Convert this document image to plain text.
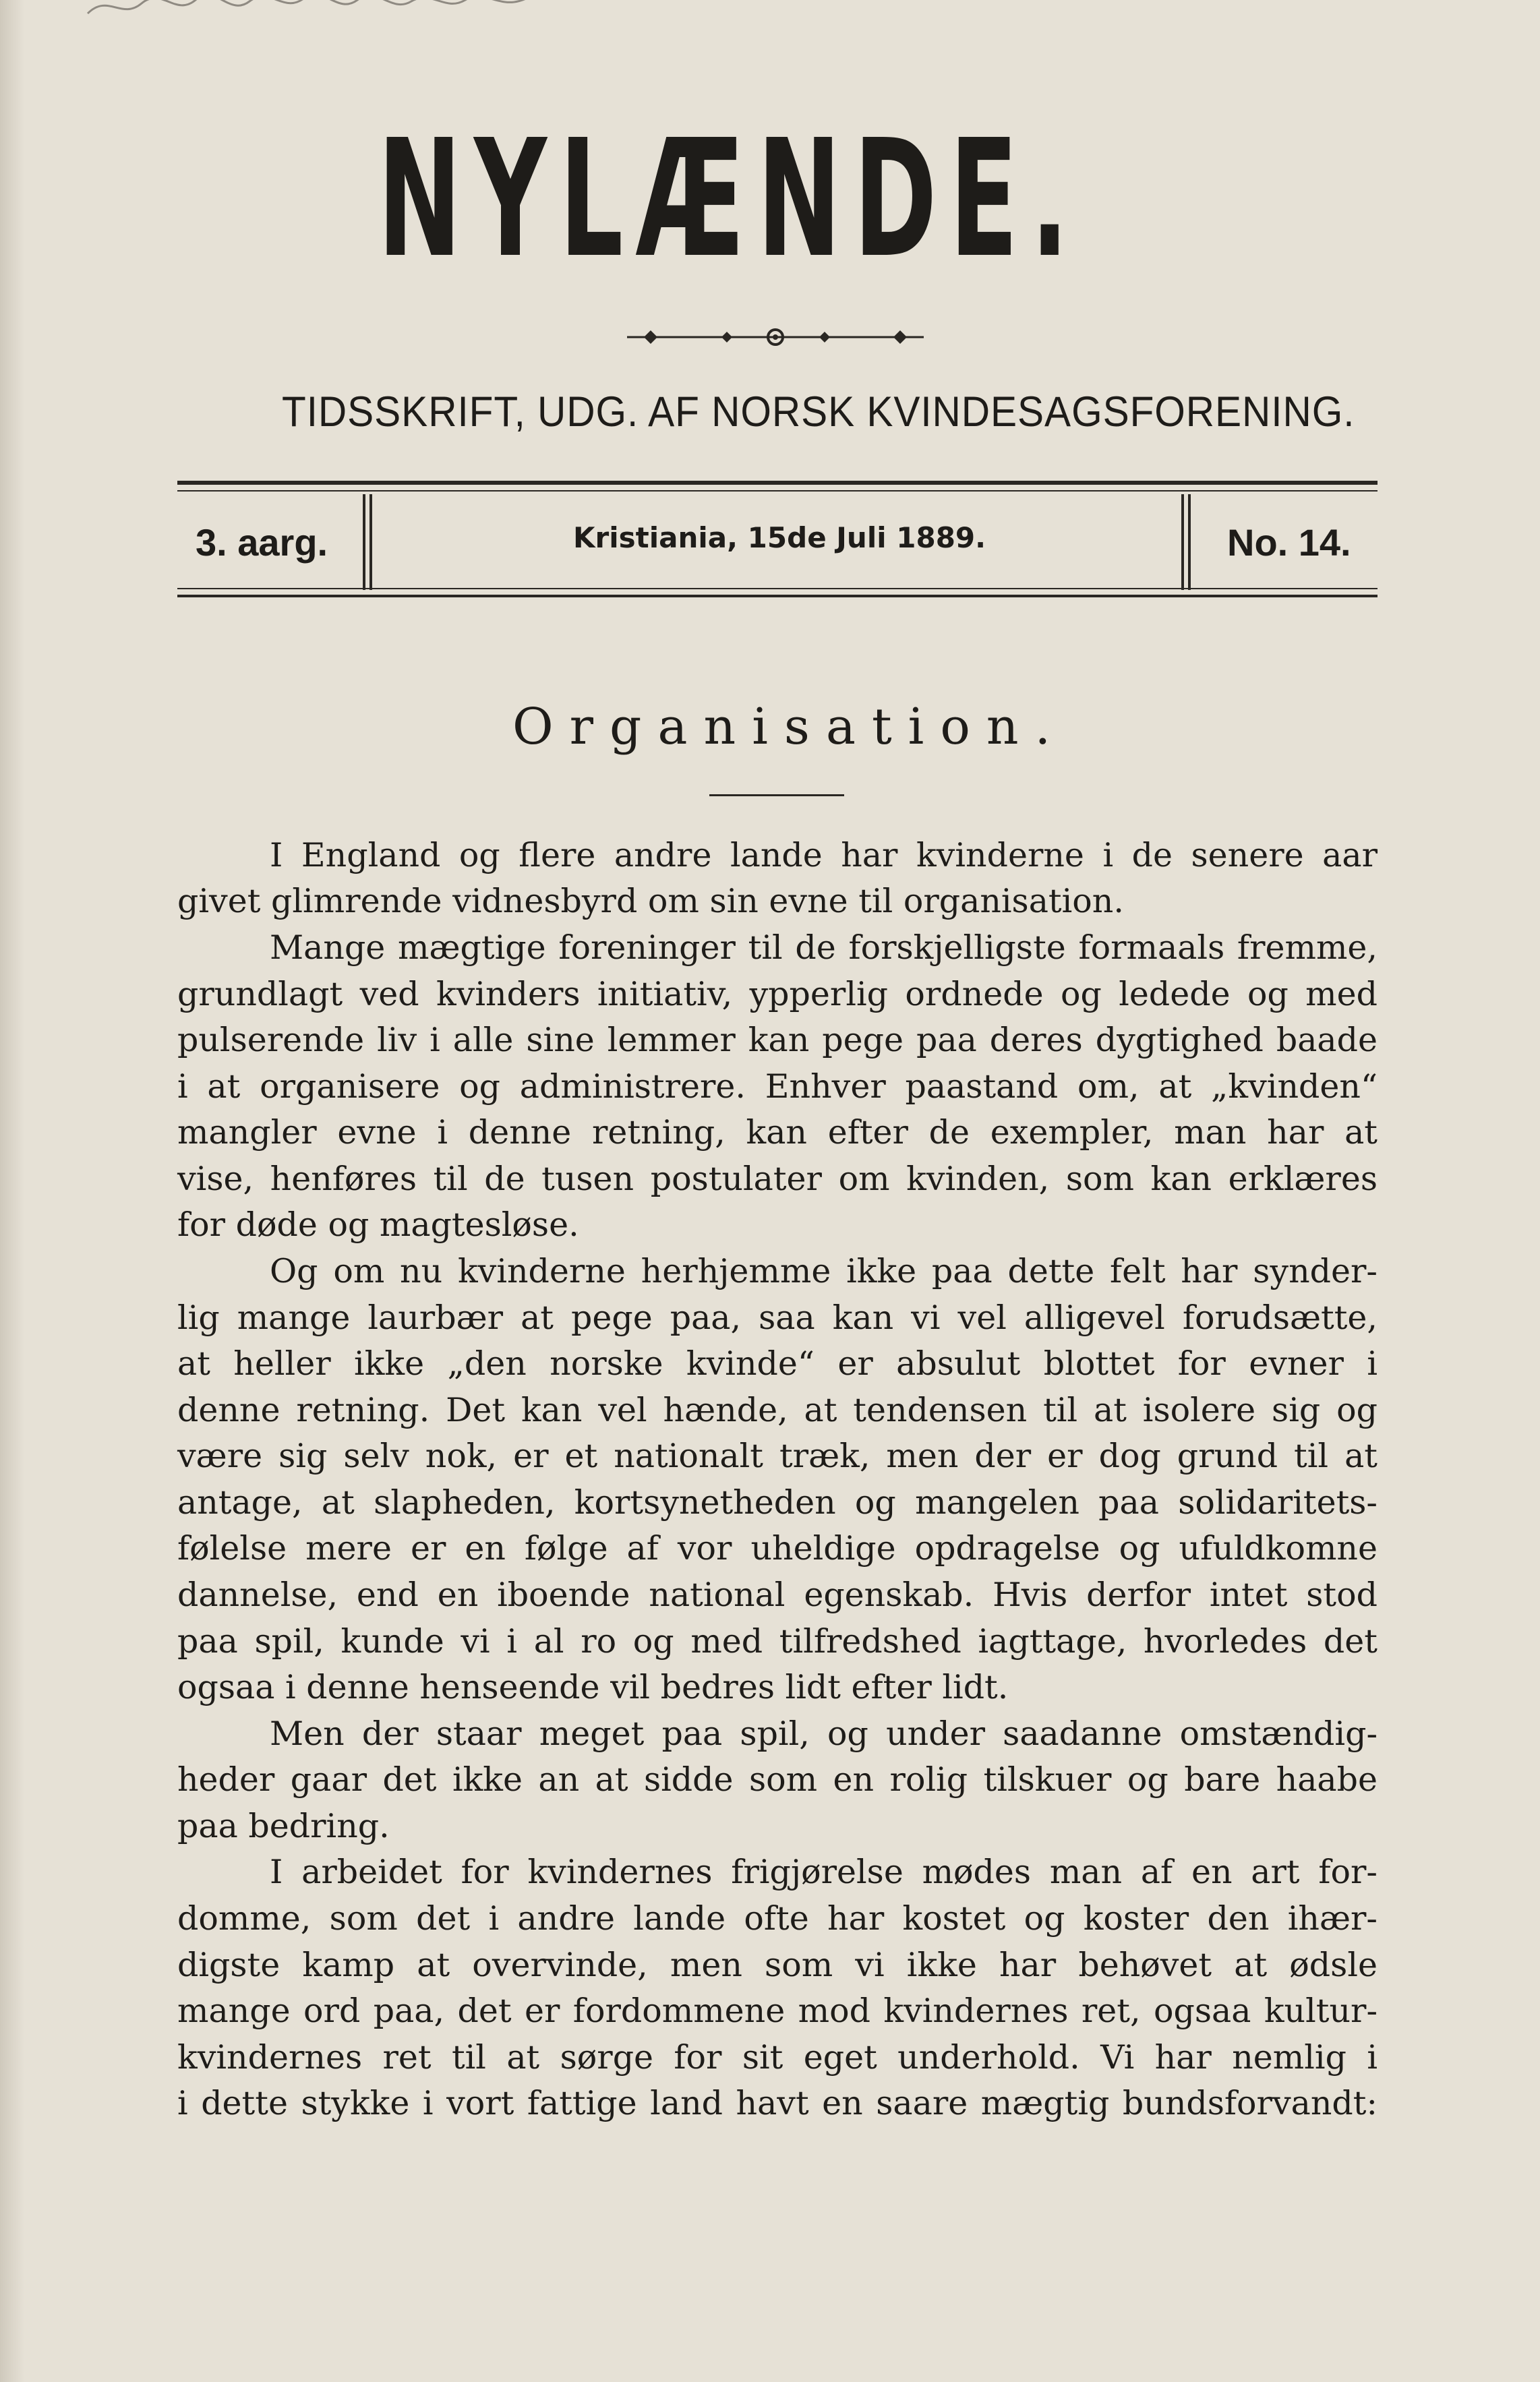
NYLÆNDE.
TIDSSKRIFT, UDG. AF NORSK KVINDESAGSFORENING.
3. aarg.	Kristiania, 15de Juli 1889.	No. 14.
Organisation.
I England og flere andre lande har kvinderne i de senere aar
givet glimrende vidnesbyrd om sin evne til organisation.
Mange mægtige foreninger til de forskjelligste formaals fremme,
grundlagt ved kvinders initiativ, ypperlig ordnede og ledede og med
pulserende liv i alle sine lemmer kan pege paa deres dygtighed baade
i at organisere og administrere. Enhver paastand om, at „kvinden“
mangler evne i denne retning, kan efter de exempler, man har at
vise, henføres til de tusen postulater om kvinden, som kan erklæres
for døde og magtesløse.
Og om nu kvinderne herhjemme ikke paa dette felt har synder-
lig mange laurbær at pege paa, saa kan vi vel alligevel forudsætte,
at heller ikke „den norske kvinde“ er absulut blottet for evner i
denne retning. Det kan vel hænde, at tendensen til at isolere sig og
være sig selv nok, er et nationalt træk, men der er dog grund til at
antage, at slapheden, kortsynetheden og mangelen paa solidaritets-
følelse mere er en følge af vor uheldige opdragelse og ufuldkomne
dannelse, end en iboende national egenskab. Hvis derfor intet stod
paa spil, kunde vi i al ro og med tilfredshed iagttage, hvorledes det
ogsaa i denne henseende vil bedres lidt efter lidt.
Men der staar meget paa spil, og under saadanne omstændig-
heder gaar det ikke an at sidde som en rolig tilskuer og bare haabe
paa bedring.
I arbeidet for kvindernes frigjørelse mødes man af en art for-
domme, som det i andre lande ofte har kostet og koster den ihær-
digste kamp at overvinde, men som vi ikke har behøvet at ødsle
mange ord paa, det er fordommene mod kvindernes ret, ogsaa kultur-
kvindernes ret til at sørge for sit eget underhold. Vi har nemlig i
i dette stykke i vort fattige land havt en saare mægtig bundsforvandt:
